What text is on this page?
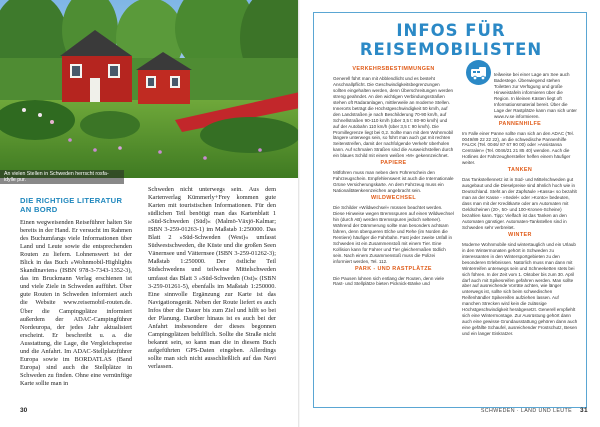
An vielen Stellen in Schweden herrscht rosfa-idylle pur.
DIE RICHTIGE LITERATUR AN BORD

Einen wegweisenden Reiseführer halten Sie bereits in der Hand. Er versucht im Rahmen des Buchumfangs viele Informationen über Land und Leute sowie die entsprechenden Routen zu liefern. Lohnenswert ist der Blick in das Buch »Wohnmobil-Highlights Skandinavien« (ISBN 978-3-7343-1352-3), das im Bruckmann Verlag erschienen ist und viele Ziele in Schweden aufführt. Über gute Routen in Schweden informiert auch die Website www.reisemobil-routen.de. Über die Campingplätze informiert außerdem der ADAC-Campingführer Nordeuropa, der jedes Jahr aktualisiert erscheint. Er beschreibt u. a. die Ausstattung, die Lage, die Vergleichspreise und die Anfahrt. Im ADAC-Stellplatzführer Europa sowie im BORDATLAS (Band Europa) sind auch die Stellplätze in Schweden zu finden. Ohne eine vernünftige Karte sollte man in

Schweden nicht unterwegs sein. Aus dem Kartenverlag Kümmerly+Frey kommen gute Karten mit touristischen Informationen. Für den südlichen Teil benötigt man das Kartenblatt 1 »Süd-Schweden (Süd)« (Malmö-Växjö-Kalmar; ISBN 3-259-01263-1) im Maßstab 1:250000. Das Blatt 2 »Süd-Schweden (West)« umfasst Südwestschweden, die Küste und die großen Seen Vänernsee und Vätternsee (ISBN 3-259-01262-3); Maßstab 1:250000. Der östliche Teil Südschwedens und teilweise Mittelschweden umfasst das Blatt 3 »Süd-Schweden (Ost)« (ISBN 3-259-01261-5), ebenfalls im Maßstab 1:250000. Eine sinnvolle Ergänzung zur Karte ist das Navigationsgerät. Neben der Route liefert es auch Infos über die Dauer bis zum Ziel und hilft so bei der Planung. Darüber hinaus ist es auch bei der Anfahrt insbesondere der dieses begonnen Campingplätzen behilflich. Sollte die Straße nicht bekannt sein, so kann man die in diesem Buch aufgeführten GPS-Daten eingeben. Allerdings sollte man sich nicht ausschließlich auf das Navi verlassen.

30
INFOS FÜR REISEMOBILISTEN
VERKEHRSBESTIMMUNGEN

Generell führt man mit Abblendlicht und es besteht Anschnallpflicht. Die Geschwindigkeitsbegrenzungen sollten eingehalten werden, denn Überschreitungen werden streng geahndet. An den wichtigen Verbindungsstraßen stehen oft Radaranlagen, mittlerweile an moderne Stellen. Innerorts beträgt die Höchstgeschwindigkeit 50 km/h, auf den Landstraßen je nach Beschilderung 70-90 km/h, auf Schnellstraßen 90-110 km/h (über 3,5 t: 80-90 km/h) und auf der Autobahn 110 km/h (über 3,5 t: 90 km/h). Die Promillegrenze liegt bei 0,2. Sollte man mit dem Wohnmobil längere unterwegs sein, so führt man auch gut mit rechten Seitenstreifen, damit der nachfolgende Verkehr überholen kann. Auf schmalen Straßen sind die Ausweichstellen durch ein blaues Schild mit einem weißen »M« gekennzeichnet.

PAPIERE

Mitführen muss man neben dem Führerschein den Fahrzeugschein. Empfehlenswert ist auch die Internationale Grüne Versicherungskarte. An dem Fahrzeug muss ein Nationalitätenkennzeichen angebracht sein.

WILDWECHSEL

Die Schilder »Wildwechsel« müssen beachtet werden. Diese Hinweise wegen Bremsspuren auf einen Wildwechsel hin (durch AB) werden Bremsspuren jedoch seltener). Während der Dämmerung sollte man besonders achtsam fahren, denn überqueren Elche und Rehe (im Norden die Rentiere) häufiger die Fahrbahn. Fast jeder zweite Unfall in Schweden ist ein Zusammenstoß mit einem Tier. Eine Kollision kann für Fahrer und Tier gleichermaßen tödlich sein. Nach einem Zusammenstoß muss die Polizei informiert werden, Tel. 112.

PARK - UND RASTPLÄTZE

Die Pausen lohnen sich entlang der Routen, denn viele Rast- und Stellplätze bieten Picknick-Bänke und

teilweise bei einer Lage am See auch Badestege. Überwiegend stehen Toiletten zur Verfügung und große Hinweistafeln informieren über die Region. In kleinen Kästen liegt oft Informationsmaterial bereit. Über die Lage der Rastplätze kann man sich unter www.rv.se informieren.

PANNENHILFE

Im Falle einer Panne sollte man sich an den ADAC (Tel. 0049/89 22 22 22), an die schwedische Pannenhilfe FALCK (Tel. 0046/ 87 67 90 00) oder »Assistansa Centralen« (Tel. 0046/21 21 85 40) wenden. Auch die Hotlines der Fahrzeughersteller helfen einem häufiger weiter.

TANKEN

Das Tankstellennetz ist in Süd- und Mittelschweden gut ausgebaut und die Dieselpreise sind ähnlich hoch wie in Deutschland. Steht an der Zapfsäule »Kassa« so bezahlt man an der Kasse - »Sedel« oder »Konto« bedeuten, dass man mit der Kreditkarte oder am Automaten mit Geldscheinen (20-, 50- und 100-Kronen-Scheine) bezahlen kann. Tipp: Vielfach ist das Tanken an den Automaten günstiger. Automaten-Tankstellen sind in Schweden sehr verbreitet.

WINTER

Moderne Wohnmobile sind wintertauglich und ein Urlaub in den Wintermonaten gehört in Schweden zu interessanten in den Wintersportgebieten zu den besonderen Erlebnissen. Natürlich muss man dann mit Winterreifen unterwegs sein und Schneeketten stets bei sich führen. In der Zeit vom 1. Oktober bis zum 30. April darf auch mit Spikesreifen gefahren werden. Man sollte aber auf ausreichende Vorräte achten, wie länger unterwegs ist, sollte sich beim schwedischen Reifenhändler Spikereifen aufziehen lassen. Auf manchen Strecken wird kein die zulässige Höchstgeschwindigkeit herabgesetzt. Generell empfiehlt sich eine Wintermontage. Zur Ausrüstung gehört dann auch eine gewisse Grundausstattung gehören dann auch eine gefällte Schaufel, ausreichender Frostschutz, Besen und ein langer Eiskratzer.

SCHWEDEN · LAND UND LEUTE 31
